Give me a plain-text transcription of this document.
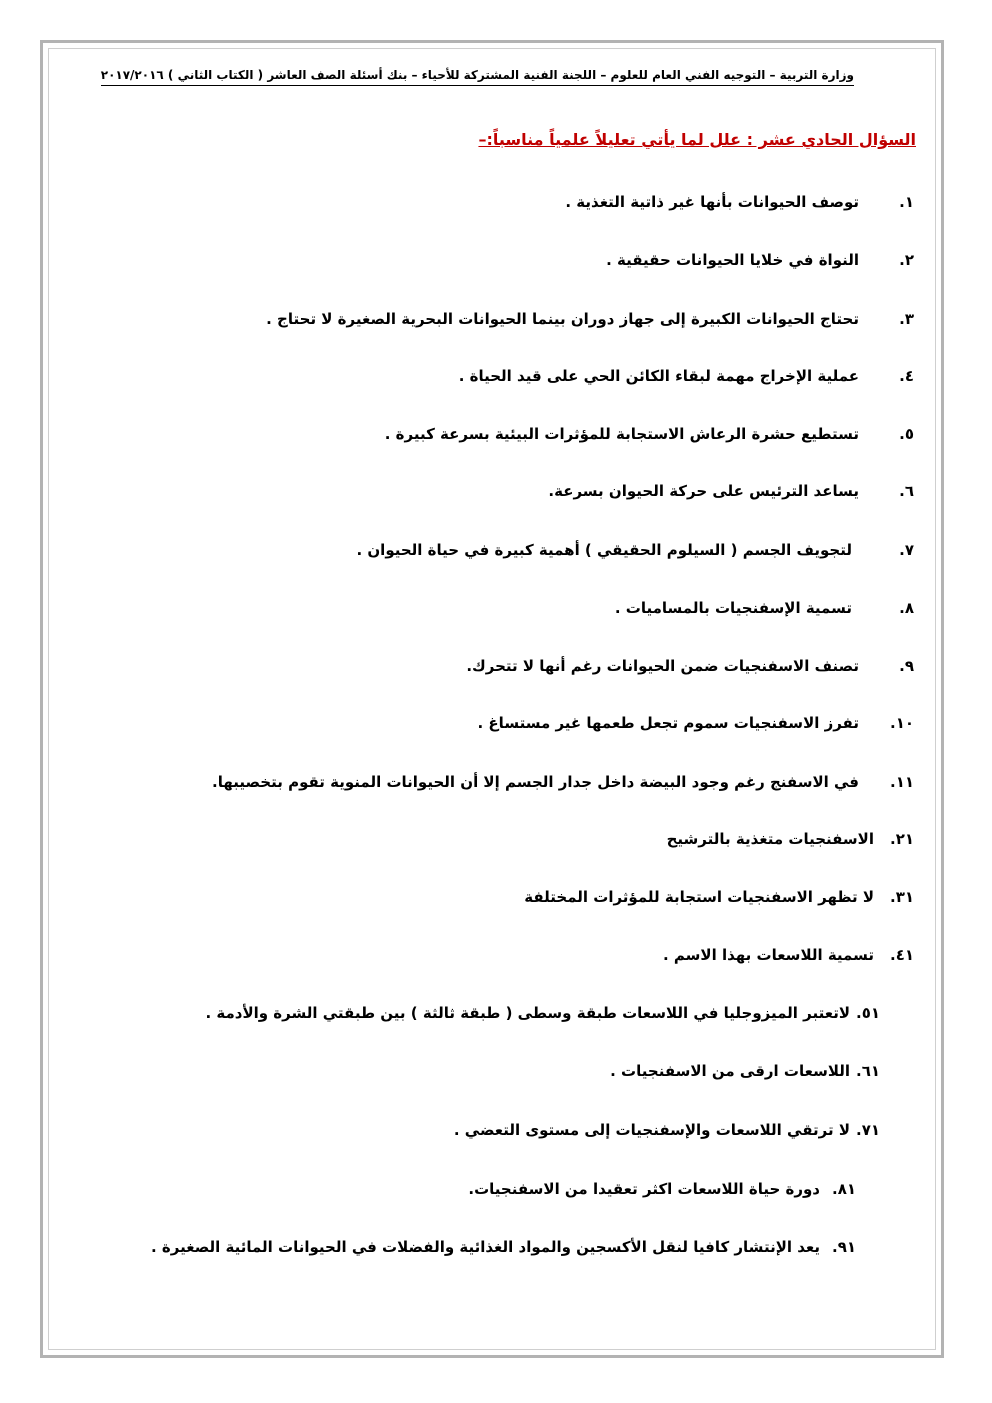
وزارة التربية – التوجيه الفني العام للعلوم – اللجنة الفنية المشتركة للأحياء – بنك أسئلة الصف العاشر ( الكتاب الثاني ) ٢٠١٧/٢٠١٦
السؤال الحادي عشر : علل لما يأتي تعليلاً علمياً مناسباً:–
١.توصف الحيوانات بأنها غير ذاتية التغذية .
٢.النواة في خلايا الحيوانات حقيقية .
٣.تحتاج الحيوانات الكبيرة إلى جهاز دوران بينما الحيوانات البحرية الصغيرة لا تحتاج .
٤.عملية الإخراج مهمة لبقاء الكائن الحي على قيد الحياة .
٥.تستطيع حشرة الرعاش الاستجابة للمؤثرات البيئية بسرعة كبيرة .
٦.يساعد الترئيس على حركة الحيوان بسرعة.
٧.لتجويف الجسم ( السيلوم الحقيقي ) أهمية كبيرة في حياة الحيوان .
٨.تسمية الإسفنجيات بالمساميات .
٩.تصنف الاسفنجيات ضمن الحيوانات رغم أنها لا تتحرك.
١٠.تفرز الاسفنجيات سموم تجعل طعمها غير مستساغ .
١١.في الاسفنج رغم وجود البيضة داخل جدار الجسم إلا أن الحيوانات المنوية تقوم بتخصيبها.
٢١.الاسفنجيات متغذية بالترشيح
٣١.لا تظهر الاسفنجيات استجابة للمؤثرات المختلفة
٤١.تسمية اللاسعات بهذا الاسم .
٥١.لاتعتبر الميزوجليا في اللاسعات طبقة وسطى ( طبقة ثالثة ) بين طبقتي الشرة والأدمة .
٦١.اللاسعات ارقى من الاسفنجيات .
٧١.لا ترتقي اللاسعات والإسفنجيات إلى مستوى التعضي .
٨١.دورة حياة اللاسعات اكثر تعقيدا من الاسفنجيات.
٩١.يعد الإنتشار كافيا لنقل الأكسجين والمواد الغذائية والفضلات في الحيوانات المائية الصغيرة .
